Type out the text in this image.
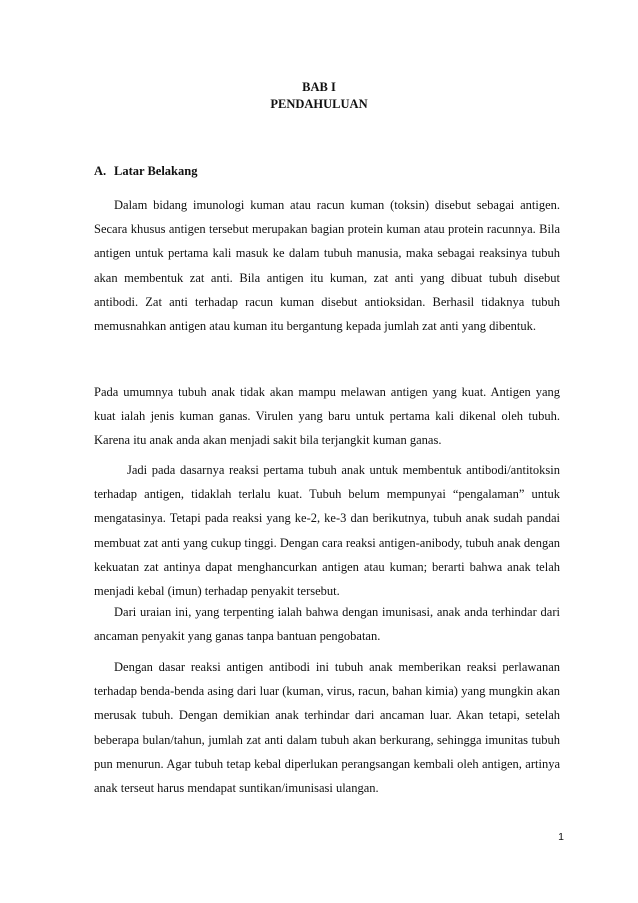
BAB I
PENDAHULUAN
A. Latar Belakang

Dalam bidang imunologi kuman atau racun kuman (toksin) disebut sebagai antigen. Secara khusus antigen tersebut merupakan bagian protein kuman atau protein racunnya. Bila antigen untuk pertama kali masuk ke dalam tubuh manusia, maka sebagai reaksinya tubuh akan membentuk zat anti. Bila antigen itu kuman, zat anti yang dibuat tubuh disebut antibodi. Zat anti terhadap racun kuman disebut antioksidan. Berhasil tidaknya tubuh memusnahkan antigen atau kuman itu bergantung kepada jumlah zat anti yang dibentuk.

Pada umumnya tubuh anak tidak akan mampu melawan antigen yang kuat. Antigen yang kuat ialah jenis kuman ganas. Virulen yang baru untuk pertama kali dikenal oleh tubuh. Karena itu anak anda akan menjadi sakit bila terjangkit kuman ganas.

Jadi pada dasarnya reaksi pertama tubuh anak untuk membentuk antibodi/antitoksin terhadap antigen, tidaklah terlalu kuat. Tubuh belum mempunyai “pengalaman” untuk mengatasinya. Tetapi pada reaksi yang ke-2, ke-3 dan berikutnya, tubuh anak sudah pandai membuat zat anti yang cukup tinggi. Dengan cara reaksi antigen-anibody, tubuh anak dengan kekuatan zat antinya dapat menghancurkan antigen atau kuman; berarti bahwa anak telah menjadi kebal (imun) terhadap penyakit tersebut.

Dari uraian ini, yang terpenting ialah bahwa dengan imunisasi, anak anda terhindar dari ancaman penyakit yang ganas tanpa bantuan pengobatan.

Dengan dasar reaksi antigen antibodi ini tubuh anak memberikan reaksi perlawanan terhadap benda-benda asing dari luar (kuman, virus, racun, bahan kimia) yang mungkin akan merusak tubuh. Dengan demikian anak terhindar dari ancaman luar. Akan tetapi, setelah beberapa bulan/tahun, jumlah zat anti dalam tubuh akan berkurang, sehingga imunitas tubuh pun menurun. Agar tubuh tetap kebal diperlukan perangsangan kembali oleh antigen, artinya anak terseut harus mendapat suntikan/imunisasi ulangan.

1
